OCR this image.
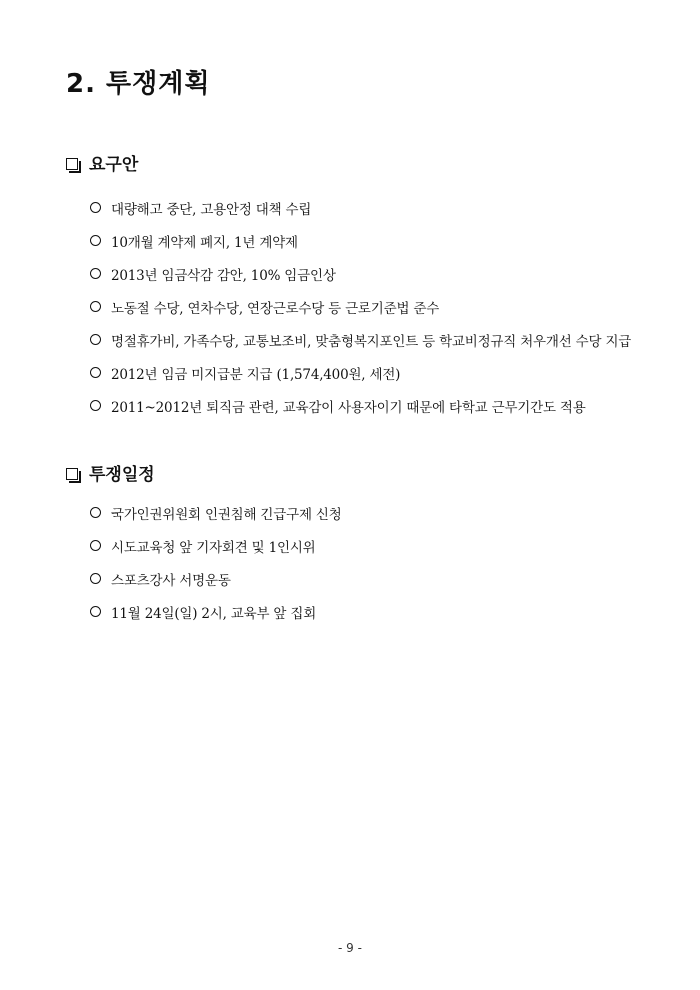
2. 투쟁계획
요구안
대량해고 중단, 고용안정 대책 수립
10개월 계약제 폐지, 1년 계약제
2013년 임금삭감 감안, 10% 임금인상
노동절 수당, 연차수당, 연장근로수당 등 근로기준법 준수
명절휴가비, 가족수당, 교통보조비, 맞춤형복지포인트 등 학교비정규직 처우개선 수당 지급
2012년 임금 미지급분 지급 (1,574,400원, 세전)
2011~2012년 퇴직금 관련, 교육감이 사용자이기 때문에 타학교 근무기간도 적용
투쟁일정
국가인권위원회 인권침해 긴급구제 신청
시도교육청 앞 기자회견 및 1인시위
스포츠강사 서명운동
11월 24일(일) 2시, 교육부 앞 집회
- 9 -
